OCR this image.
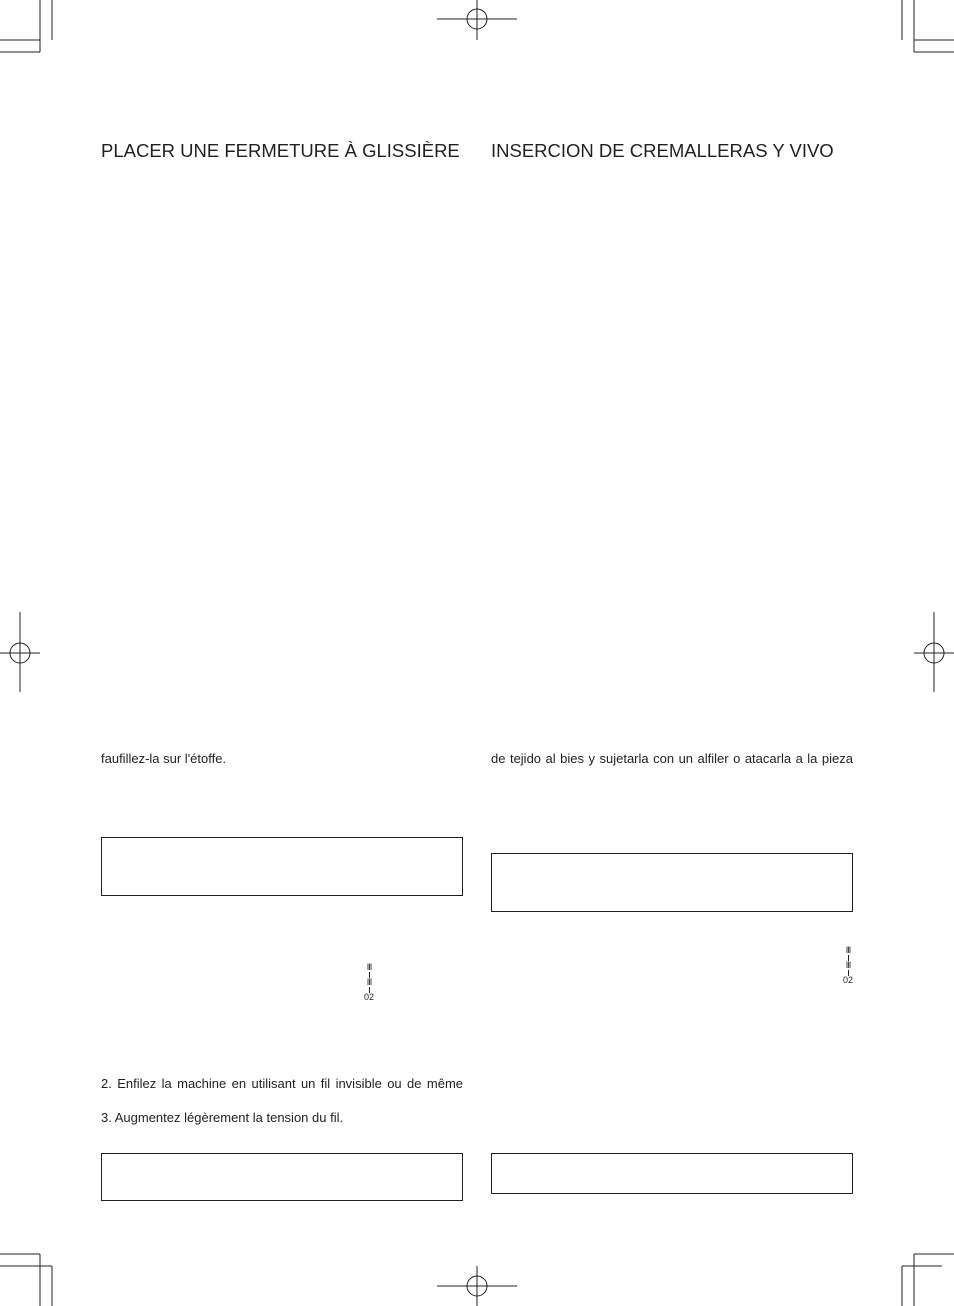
PLACER UNE FERMETURE À GLISSIÈRE
faufillez-la sur l'étoffe.
III
III
02
2. Enfilez la machine en utilisant un fil invisible ou de même
3. Augmentez légèrement la tension du fil.
INSERCION DE CREMALLERAS Y VIVO
de tejido al bies y sujetarla con un alfiler o atacarla a la pieza
III
III
02
